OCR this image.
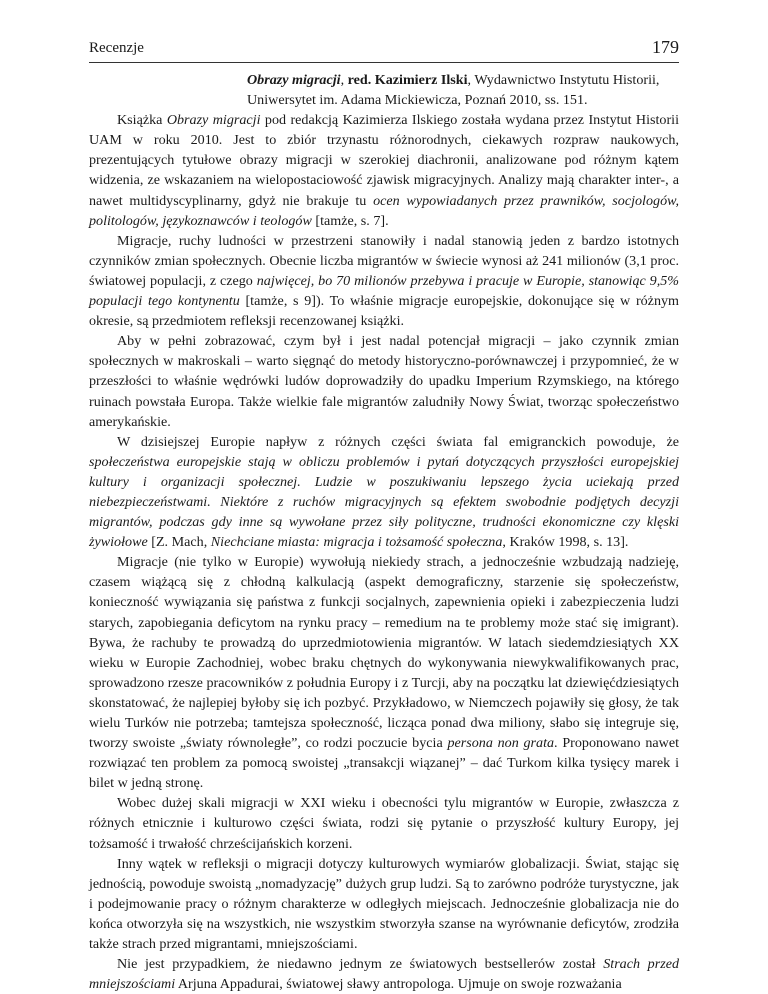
Recenzje	179
Obrazy migracji, red. Kazimierz Ilski, Wydawnictwo Instytutu Historii, Uniwersytet im. Adama Mickiewicza, Poznań 2010, ss. 151.

Książka Obrazy migracji pod redakcją Kazimierza Ilskiego została wydana przez Instytut Historii UAM w roku 2010. Jest to zbiór trzynastu różnorodnych, ciekawych rozpraw naukowych, prezentujących tytułowe obrazy migracji w szerokiej diachronii, analizowane pod różnym kątem widzenia, ze wskazaniem na wielopostaciowość zjawisk migracyjnych. Analizy mają charakter inter-, a nawet multidyscyplinarny, gdyż nie brakuje tu ocen wypowiadanych przez prawników, socjologów, politologów, językoznawców i teologów [tamże, s. 7].

Migracje, ruchy ludności w przestrzeni stanowiły i nadal stanowią jeden z bardzo istotnych czynników zmian społecznych. Obecnie liczba migrantów w świecie wynosi aż 241 milionów (3,1 proc. światowej populacji, z czego najwięcej, bo 70 milionów przebywa i pracuje w Europie, stanowiąc 9,5% populacji tego kontynentu [tamże, s 9]). To właśnie migracje europejskie, dokonujące się w różnym okresie, są przedmiotem refleksji recenzowanej książki.

Aby w pełni zobrazować, czym był i jest nadal potencjał migracji – jako czynnik zmian społecznych w makroskali – warto sięgnąć do metody historyczno-porównawczej i przypomnieć, że w przeszłości to właśnie wędrówki ludów doprowadziły do upadku Imperium Rzymskiego, na którego ruinach powstała Europa. Także wielkie fale migrantów zaludniły Nowy Świat, tworząc społeczeństwo amerykańskie.

W dzisiejszej Europie napływ z różnych części świata fal emigranckich powoduje, że społeczeństwa europejskie stają w obliczu problemów i pytań dotyczących przyszłości europejskiej kultury i organizacji społecznej. Ludzie w poszukiwaniu lepszego życia uciekają przed niebezpieczeństwami. Niektóre z ruchów migracyjnych są efektem swobodnie podjętych decyzji migrantów, podczas gdy inne są wywołane przez siły polityczne, trudności ekonomiczne czy klęski żywiołowe [Z. Mach, Niechciane miasta: migracja i tożsamość społeczna, Kraków 1998, s. 13].

Migracje (nie tylko w Europie) wywołują niekiedy strach, a jednocześnie wzbudzają nadzieję, czasem wiążącą się z chłodną kalkulacją (aspekt demograficzny, starzenie się społeczeństw, konieczność wywiązania się państwa z funkcji socjalnych, zapewnienia opieki i zabezpieczenia ludzi starych, zapobiegania deficytom na rynku pracy – remedium na te problemy może stać się imigrant). Bywa, że rachuby te prowadzą do uprzedmiotowienia migrantów. W latach siedemdziesiątych XX wieku w Europie Zachodniej, wobec braku chętnych do wykonywania niewykwalifikowanych prac, sprowadzono rzesze pracowników z południa Europy i z Turcji, aby na początku lat dziewięćdziesiątych skonstatować, że najlepiej byłoby się ich pozbyć. Przykładowo, w Niemczech pojawiły się głosy, że tak wielu Turków nie potrzeba; tamtejsza społeczność, licząca ponad dwa miliony, słabo się integruje się, tworzy swoiste „światy równoległe”, co rodzi poczucie bycia persona non grata. Proponowano nawet rozwiązać ten problem za pomocą swoistej „transakcji wiązanej” – dać Turkom kilka tysięcy marek i bilet w jedną stronę.

Wobec dużej skali migracji w XXI wieku i obecności tylu migrantów w Europie, zwłaszcza z różnych etnicznie i kulturowo części świata, rodzi się pytanie o przyszłość kultury Europy, jej tożsamość i trwałość chrześcijańskich korzeni.

Inny wątek w refleksji o migracji dotyczy kulturowych wymiarów globalizacji. Świat, stając się jednością, powoduje swoistą „nomadyzację” dużych grup ludzi. Są to zarówno podróże turystyczne, jak i podejmowanie pracy o różnym charakterze w odległych miejscach. Jednocześnie globalizacja nie do końca otworzyła się na wszystkich, nie wszystkim stworzyła szanse na wyrównanie deficytów, zrodziła także strach przed migrantami, mniejszościami.

Nie jest przypadkiem, że niedawno jednym ze światowych bestsellerów został Strach przed mniejszościami Arjuna Appadurai, światowej sławy antropologa. Ujmuje on swoje rozważania
